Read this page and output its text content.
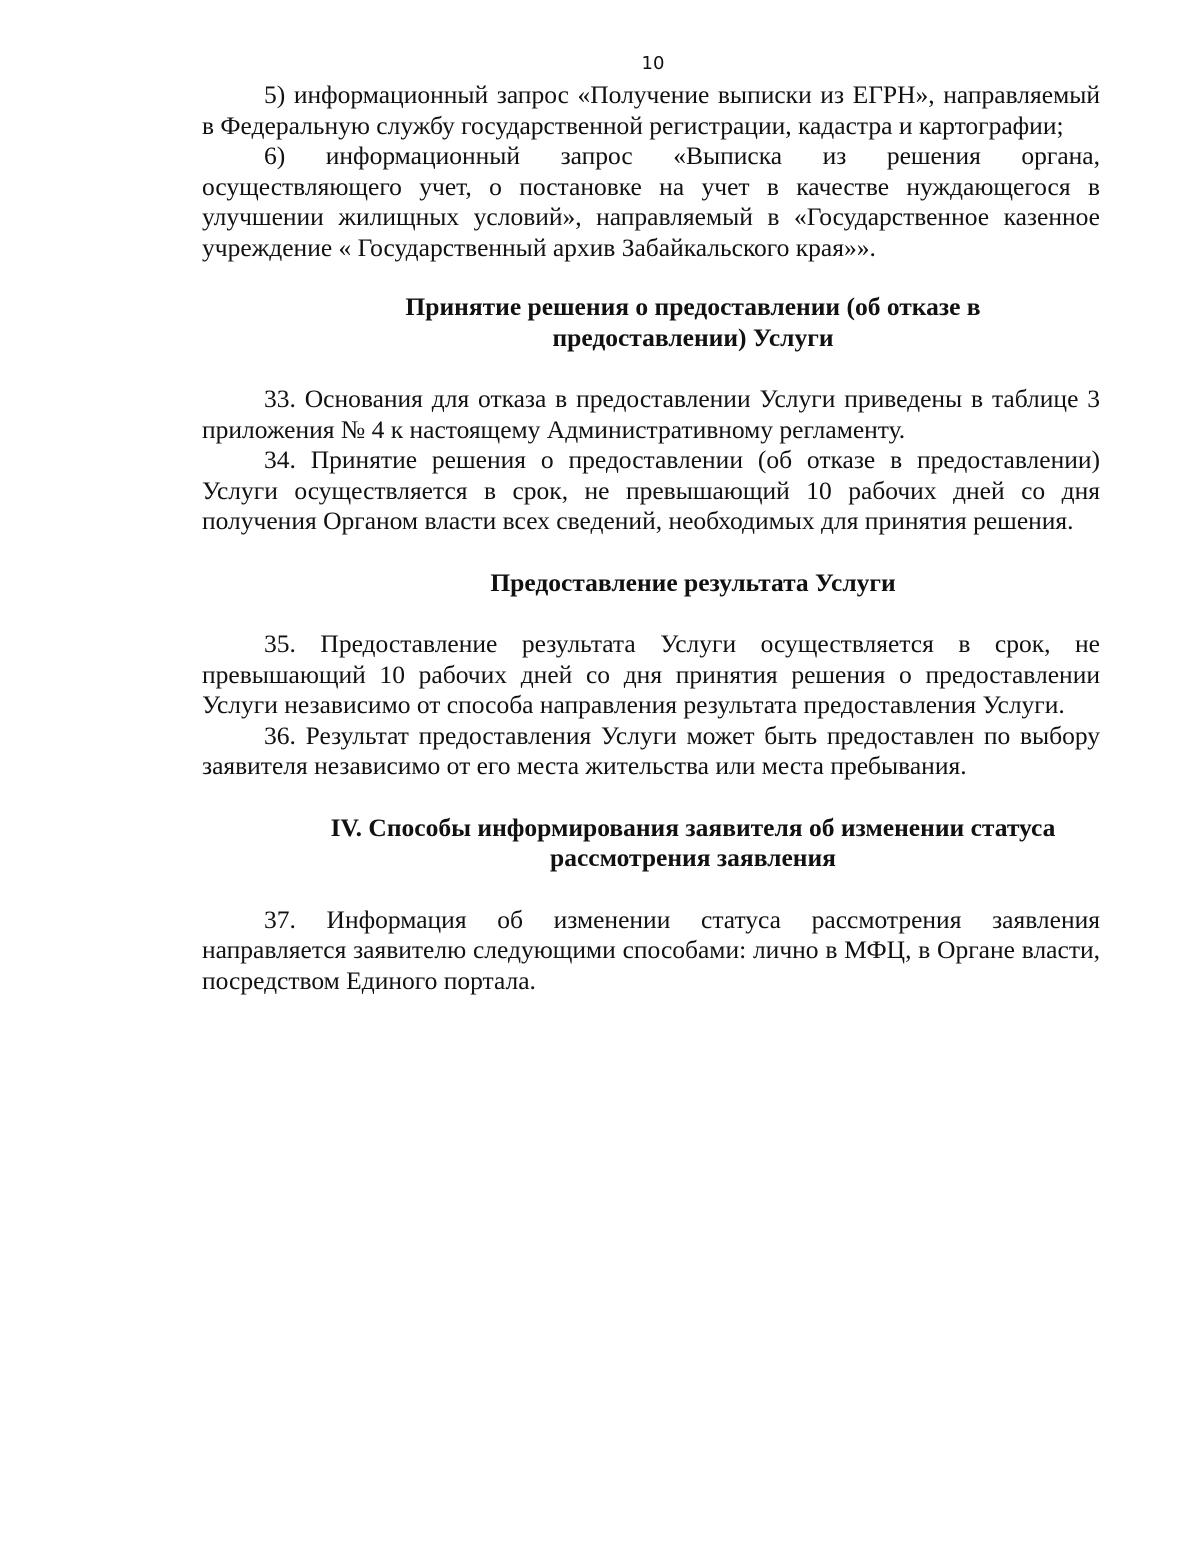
10

5) информационный запрос «Получение выписки из ЕГРН», направляемый в Федеральную службу государственной регистрации, кадастра и картографии;

6) информационный запрос «Выписка из решения органа, осуществляющего учет, о постановке на учет в качестве нуждающегося в улучшении жилищных условий», направляемый в «Государственное казенное учреждение « Государственный архив Забайкальского края»».

Принятие решения о предоставлении (об отказе в
предоставлении) Услуги

33. Основания для отказа в предоставлении Услуги приведены в таблице 3 приложения № 4 к настоящему Административному регламенту.

34. Принятие решения о предоставлении (об отказе в предоставлении) Услуги осуществляется в срок, не превышающий 10 рабочих дней со дня получения Органом власти всех сведений, необходимых для принятия решения.

Предоставление результата Услуги

35. Предоставление результата Услуги осуществляется в срок, не превышающий 10 рабочих дней со дня принятия решения о предоставлении Услуги независимо от способа направления результата предоставления Услуги.

36. Результат предоставления Услуги может быть предоставлен по выбору заявителя независимо от его места жительства или места пребывания.

IV. Способы информирования заявителя об изменении статуса
рассмотрения заявления

37. Информация об изменении статуса рассмотрения заявления направляется заявителю следующими способами: лично в МФЦ, в Органе власти, посредством Единого портала.
